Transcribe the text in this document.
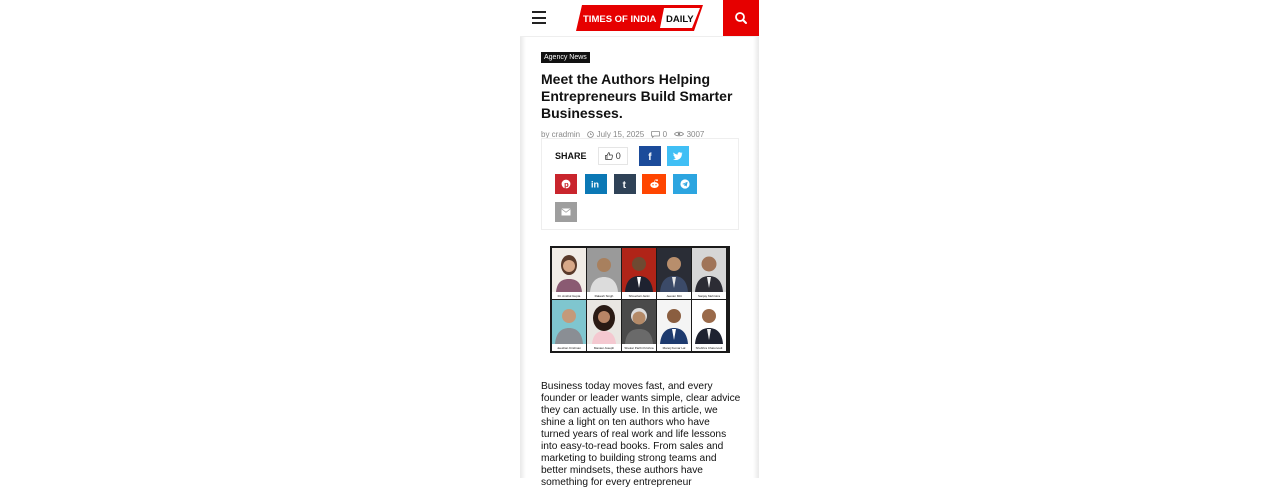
TIMES OF INDIA DAILY
Agency News
Meet the Authors Helping Entrepreneurs Build Smarter Businesses.
by cradmin July 15, 2025 0 3007
SHARE	0	f
p in t
Dr. Anshul Gupta	Rakesh Singh	Shreehari Janki	Jeevan Mitt	Sanjay Mehrotra
Jeeshan Krishnan	Manasi Joseph	Shekar Parthi Krishna	Manoj Kumar Lal	Shubhra Chaturvedi

Business today moves fast, and every founder or leader wants simple, clear advice they can actually use. In this article, we shine a light on ten authors who have turned years of real work and life lessons into easy-to-read books. From sales and marketing to building strong teams and better mindsets, these authors have something for every entrepreneur
